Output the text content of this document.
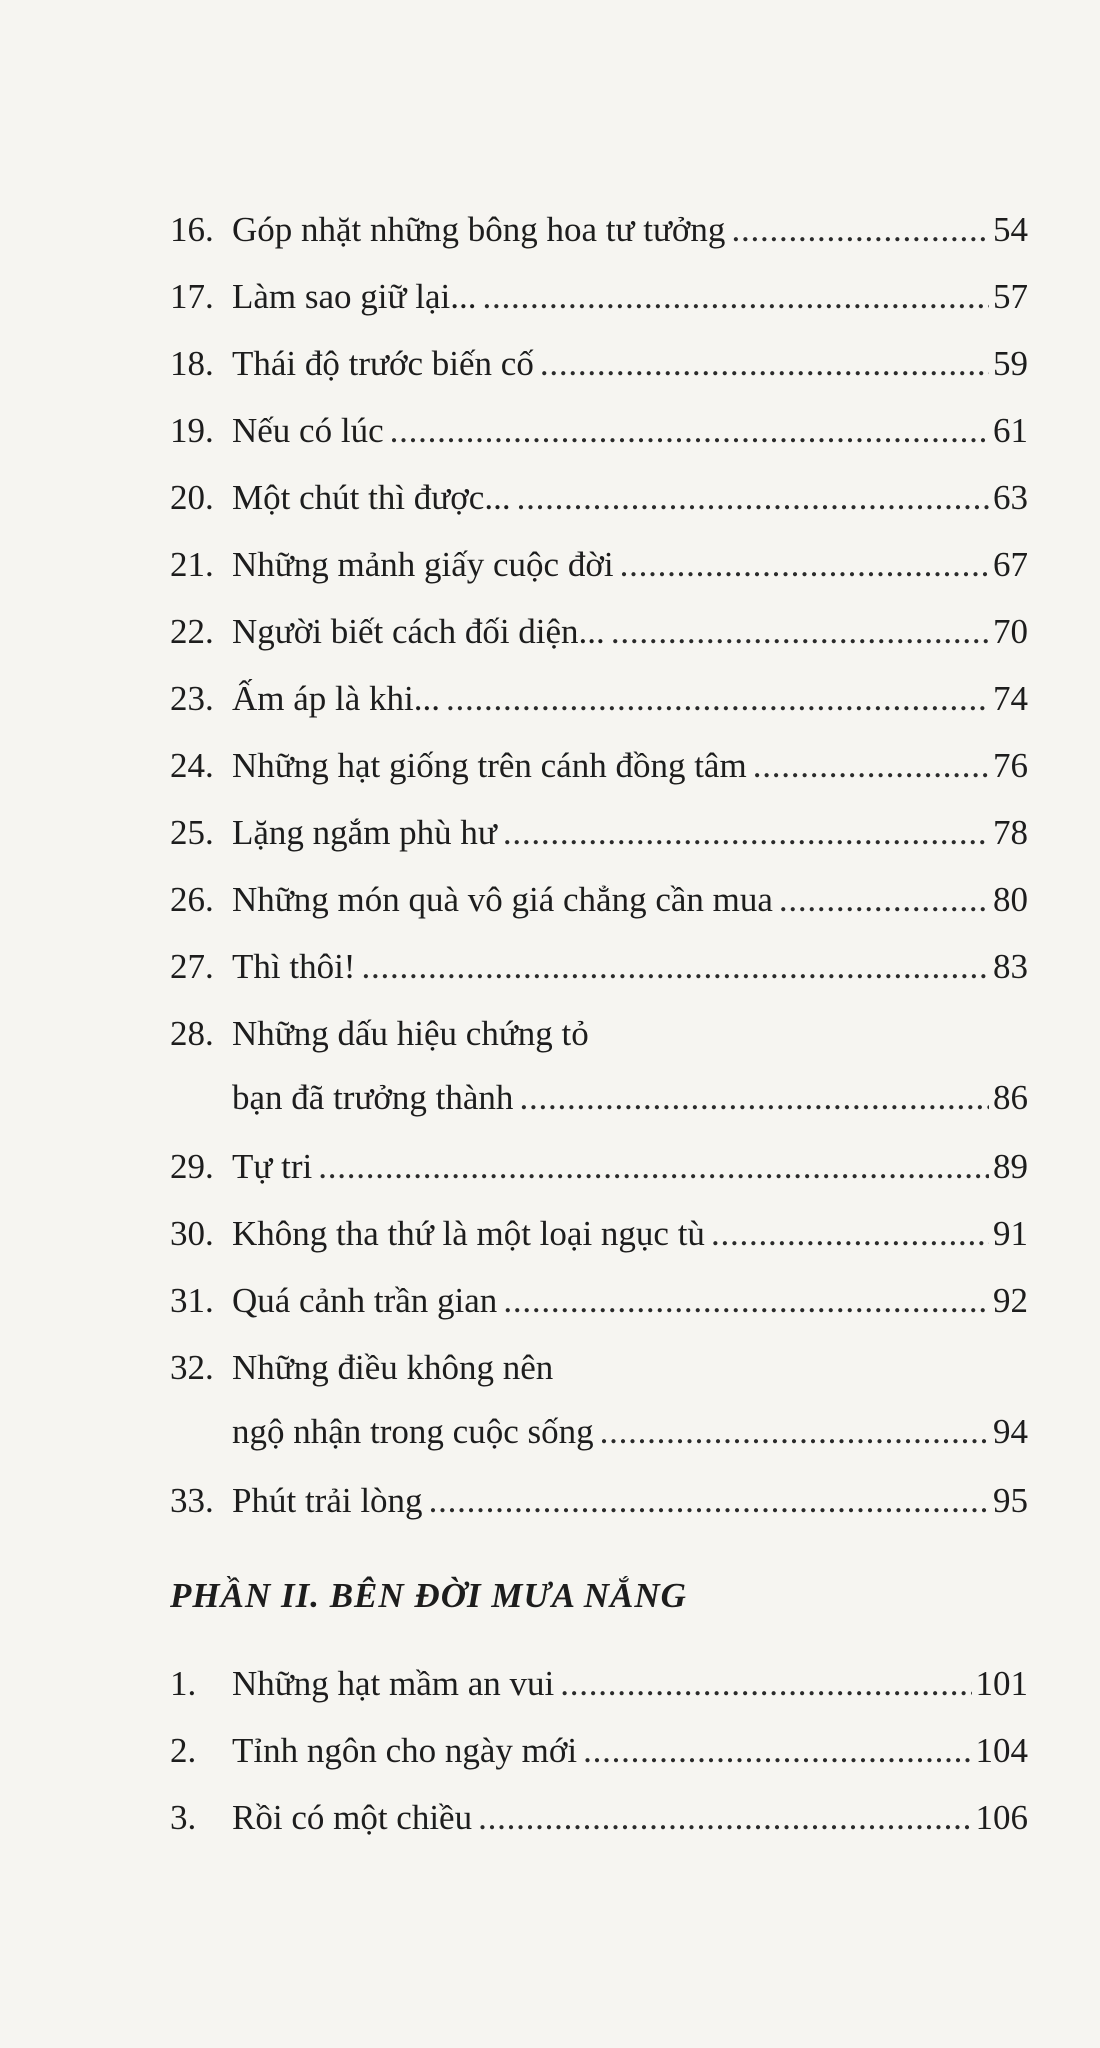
16. Góp nhặt những bông hoa tư tưởng . . .	54
17. Làm sao giữ lại... . . .	57
18. Thái độ trước biến cố . . .	59
19. Nếu có lúc . . .	61
20. Một chút thì được... . . .	63
21. Những mảnh giấy cuộc đời . . .	67
22. Người biết cách đối diện... . . .	70
23. Ấm áp là khi... . . .	74
24. Những hạt giống trên cánh đồng tâm . . .	76
25. Lặng ngắm phù hư . . .	78
26. Những món quà vô giá chẳng cần mua . . .	80
27. Thì thôi! . . .	83
28. Những dấu hiệu chứng tỏ
bạn đã trưởng thành . . .	86
29. Tự tri . . .	89
30. Không tha thứ là một loại ngục tù . . .	91
31. Quá cảnh trần gian . . .	92
32. Những điều không nên
ngộ nhận trong cuộc sống . . .	94
33. Phút trải lòng . . .	95
PHẦN II. BÊN ĐỜI MƯA NẮNG
1.	Những hạt mầm an vui . . .	101
2.	Tỉnh ngôn cho ngày mới . . .	104
3.	Rồi có một chiều . . .	106
